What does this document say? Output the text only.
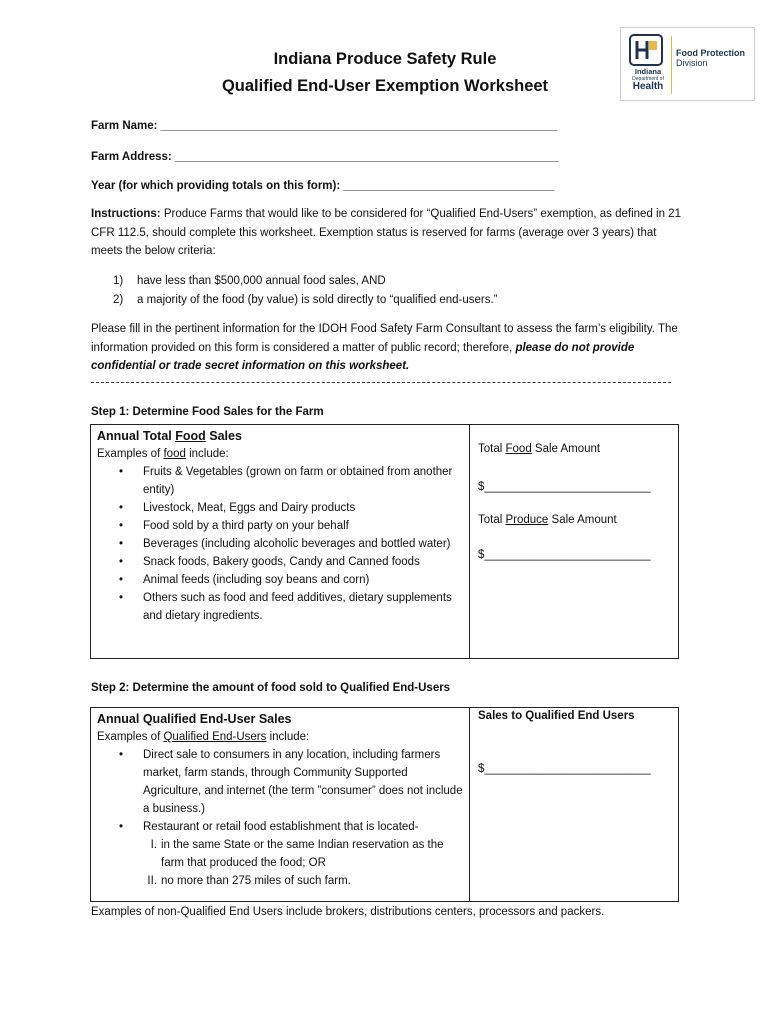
Indiana Produce Safety Rule
Qualified End-User Exemption Worksheet
Indiana
Department of
Health
Food Protection
Division
Farm Name: ______________________________________________________________
Farm Address: ____________________________________________________________
Year (for which providing totals on this form): _________________________________
Instructions: Produce Farms that would like to be considered for “Qualified End-Users” exemption, as defined in 21 CFR 112.5, should complete this worksheet. Exemption status is reserved for farms (average over 3 years) that meets the below criteria:
1) have less than $500,000 annual food sales, AND
2) a majority of the food (by value) is sold directly to “qualified end-users.”
Please fill in the pertinent information for the IDOH Food Safety Farm Consultant to assess the farm’s eligibility. The information provided on this form is considered a matter of public record; therefore, please do not provide confidential or trade secret information on this worksheet.
Step 1: Determine Food Sales for the Farm
Annual Total Food Sales
Examples of food include:
• Fruits & Vegetables (grown on farm or obtained from another entity)
• Livestock, Meat, Eggs and Dairy products
• Food sold by a third party on your behalf
• Beverages (including alcoholic beverages and bottled water)
• Snack foods, Bakery goods, Candy and Canned foods
• Animal feeds (including soy beans and corn)
• Others such as food and feed additives, dietary supplements and dietary ingredients.
Total Food Sale Amount
$__________________________
Total Produce Sale Amount
$__________________________
Step 2: Determine the amount of food sold to Qualified End-Users
Annual Qualified End-User Sales
Examples of Qualified End-Users include:
• Direct sale to consumers in any location, including farmers market, farm stands, through Community Supported Agriculture, and internet (the term ”consumer” does not include a business.)
• Restaurant or retail food establishment that is located-
I. in the same State or the same Indian reservation as the farm that produced the food; OR
II. no more than 275 miles of such farm.
Sales to Qualified End Users
$__________________________
Examples of non-Qualified End Users include brokers, distributions centers, processors and packers.
